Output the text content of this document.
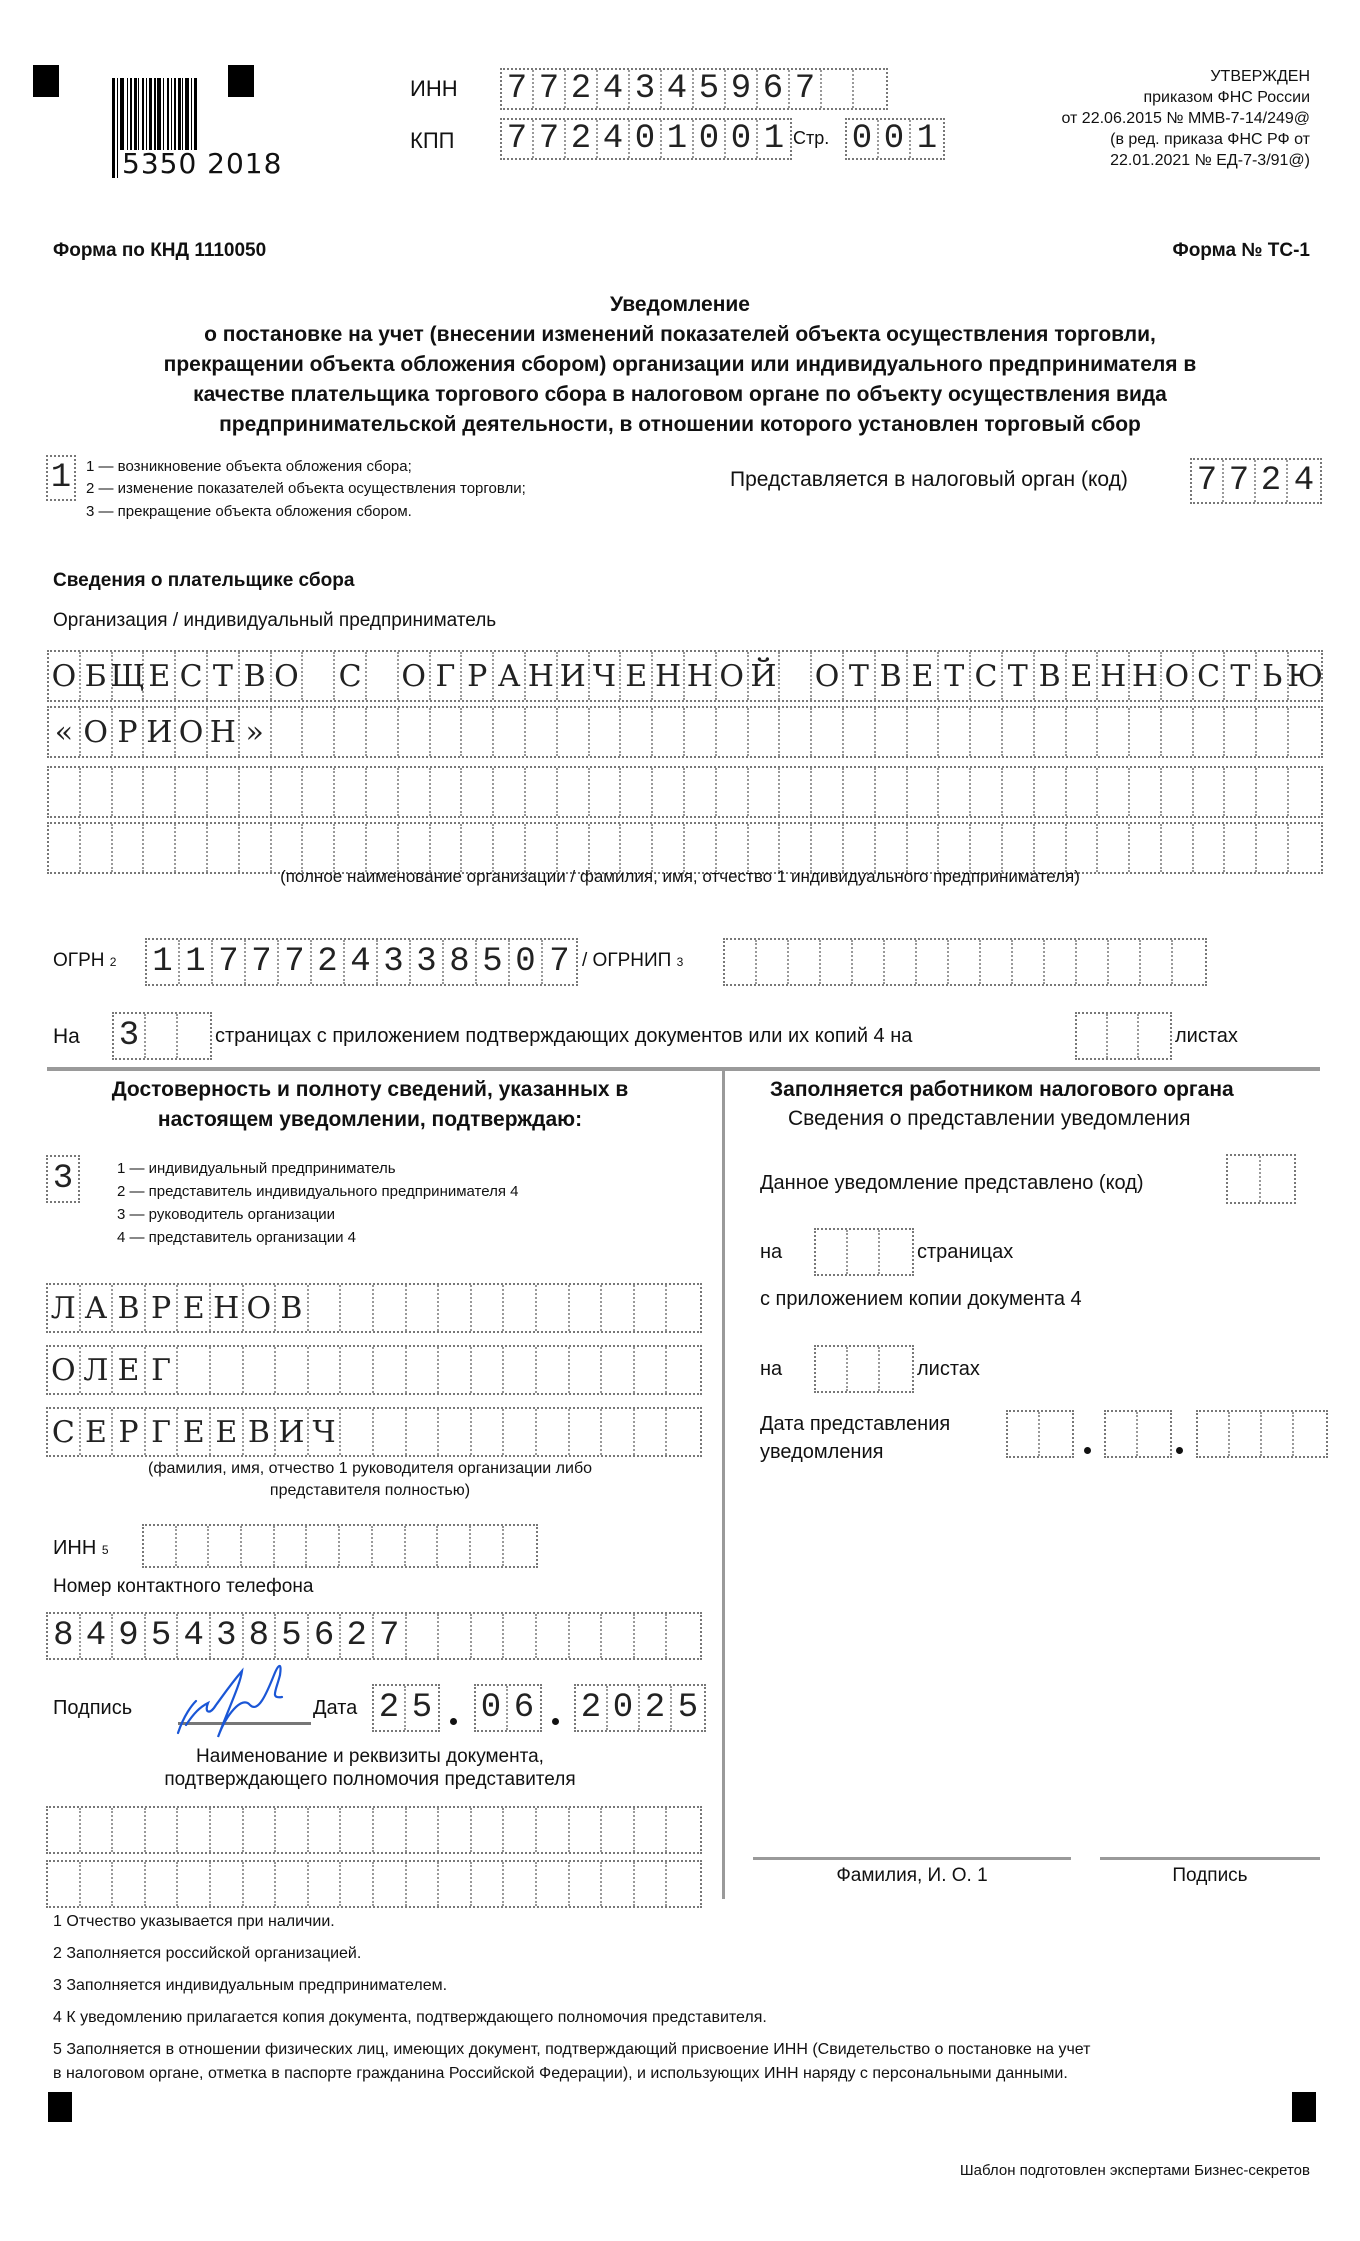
5350 2018
ИНН 7 7 2 4 3 4 5 9 6 7
КПП 7 7 2 4 0 1 0 0 1 Стр. 0 0 1
УТВЕРЖДЕН
приказом ФНС России
от 22.06.2015 № ММВ-7-14/249@
(в ред. приказа ФНС РФ от
22.01.2021 № ЕД-7-3/91@)
Форма по КНД 1110050	Форма № ТС-1
Уведомление
о постановке на учет (внесении изменений показателей объекта осуществления торговли,
прекращении объекта обложения сбором) организации или индивидуального предпринимателя в
качестве плательщика торгового сбора в налоговом органе по объекту осуществления вида
предпринимательской деятельности, в отношении которого установлен торговый сбор
1 1 — возникновение объекта обложения сбора;
2 — изменение показателей объекта осуществления торговли;
3 — прекращение объекта обложения сбором.
Представляется в налоговый орган (код) 7 7 2 4
Сведения о плательщике сбора
Организация / индивидуальный предприниматель
О Б Щ Е С Т В О С О Г Р А Н И Ч Е Н Н О Й О Т В Е Т С Т В Е Н Н О С Т Ь Ю
« О Р И О Н »
(полное наименование организации / фамилия, имя, отчество 1 индивидуального предпринимателя)
ОГРН 2 1 1 7 7 7 2 4 3 3 8 5 0 7 / ОГРНИП 3
На 3	страницах с приложением подтверждающих документов или их копий 4 на	листах
Достоверность и полноту сведений, указанных в
настоящем уведомлении, подтверждаю:
3	1 — индивидуальный предприниматель
2 — представитель индивидуального предпринимателя 4
3 — руководитель организации
4 — представитель организации 4
Л А В Р Е Н О В
О Л Е Г
С Е Р Г Е Е В И Ч
(фамилия, имя, отчество 1 руководителя организации либо
представителя полностью)
ИНН 5
Номер контактного телефона
8 4 9 5 4 3 8 5 6 2 7
Подпись	Дата 2 5 0 6 2 0 2 5
Наименование и реквизиты документа,
подтверждающего полномочия представителя
Заполняется работником налогового органа
Сведения о представлении уведомления
Данное уведомление представлено (код)
на	страницах
с приложением копии документа 4
на	листах
Дата представления
уведомления
Фамилия, И. О. 1	Подпись
1 Отчество указывается при наличии.
2 Заполняется российской организацией.
3 Заполняется индивидуальным предпринимателем.
4 К уведомлению прилагается копия документа, подтверждающего полномочия представителя.
5 Заполняется в отношении физических лиц, имеющих документ, подтверждающий присвоение ИНН (Свидетельство о постановке на учет
в налоговом органе, отметка в паспорте гражданина Российской Федерации), и использующих ИНН наряду с персональными данными.
Шаблон подготовлен экспертами Бизнес-секретов
